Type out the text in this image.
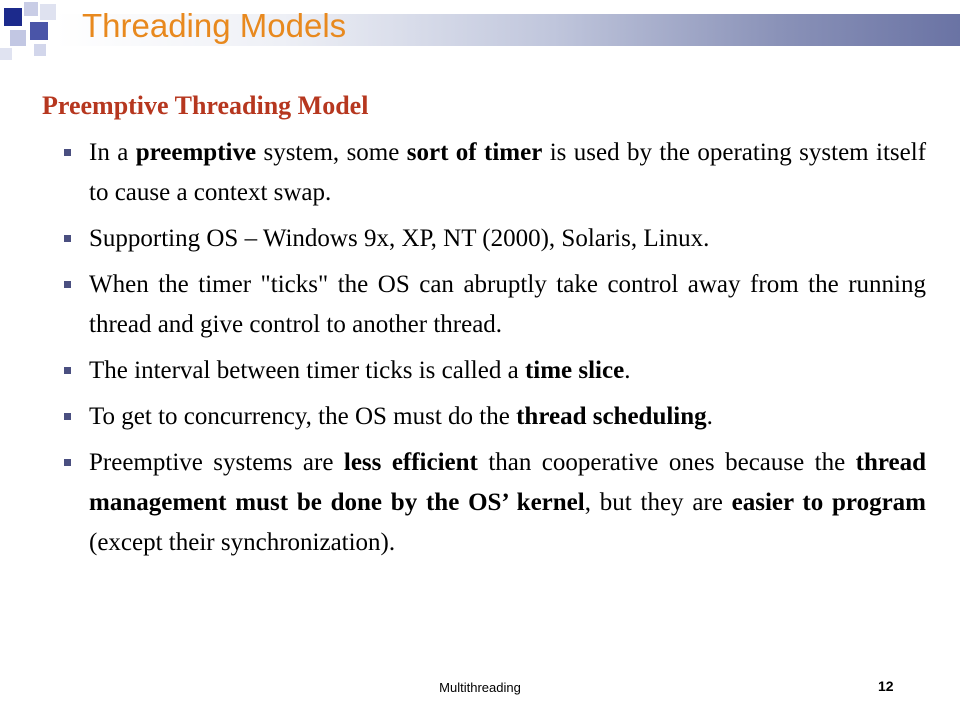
Threading Models
Preemptive Threading Model
In a preemptive system, some sort of timer is used by the operating system itself to cause a context swap.
Supporting OS – Windows 9x, XP, NT (2000), Solaris, Linux.
When the timer "ticks" the OS can abruptly take control away from the running thread and give control to another thread.
The interval between timer ticks is called a time slice.
To get to concurrency, the OS must do the thread scheduling.
Preemptive systems are less efficient than cooperative ones because the thread management must be done by the OS’ kernel, but they are easier to program (except their synchronization).
Multithreading	12
